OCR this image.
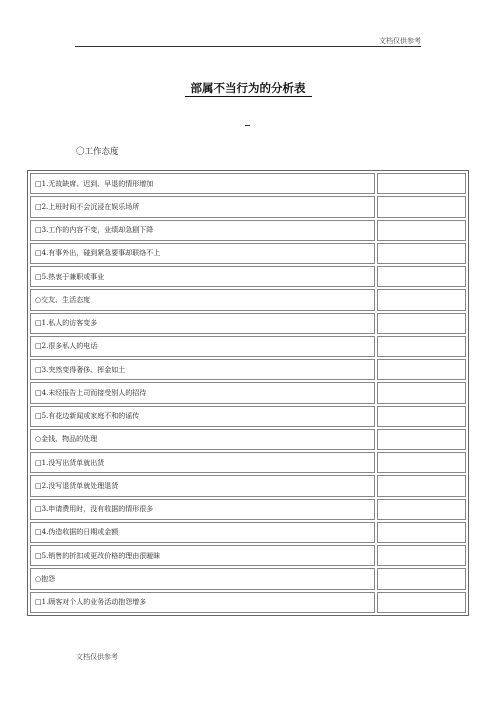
文档仅供参考
部属不当行为的分析表
〇工作态度
□1.无故缺席、迟到、早退的情形增加	
□2.上班时间不会沉浸在娱乐场所	
□3.工作的内容不变，业绩却急剧下降	
□4.有事外出，碰到紧急要事却联络不上	
□5.热衷于兼职或事业	
○交友、生活态度	
□1.私人的访客变多	
□2.很多私人的电话	
□3.突然变得奢侈、挥金如土	
□4.未经报告上司而接受别人的招待	
□5.有花边新闻或家庭不和的谣传	
○金钱、物品的处理	
□1.没写出货单就出货	
□2.没写退货单就处理退货	
□3.申请费用时，没有收据的情形很多	
□4.伪造收据的日期或金额	
□5.销售的折扣或更改价格的理由很暧昧	
○抱怨	
□1.顾客对个人的业务活动抱怨增多	
文档仅供参考
